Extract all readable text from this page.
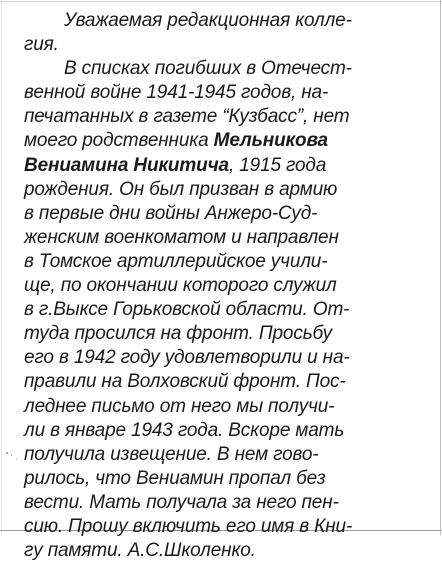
Уважаемая редакционная колле-
гия.
В списках погибших в Отечест-
венной войне 1941-1945 годов, на-
печатанных в газете “Кузбасс”, нет
моего родственника Мельникова
Вениамина Никитича, 1915 года
рождения. Он был призван в армию
в первые дни войны Анжеро-Суд-
женским военкоматом и направлен
в Томское артиллерийское учили-
ще, по окончании которого служил
в г.Выксе Горьковской области. От-
туда просился на фронт. Просьбу
его в 1942 году удовлетворили и на-
правили на Волховский фронт. Пос-
леднее письмо от него мы получи-
ли в январе 1943 года. Вскоре мать
получила извещение. В нем гово-
рилось, что Вениамин пропал без
вести. Мать получала за него пен-
сию. Прошу включить его имя в Кни-
гу памяти. А.С.Школенко.
